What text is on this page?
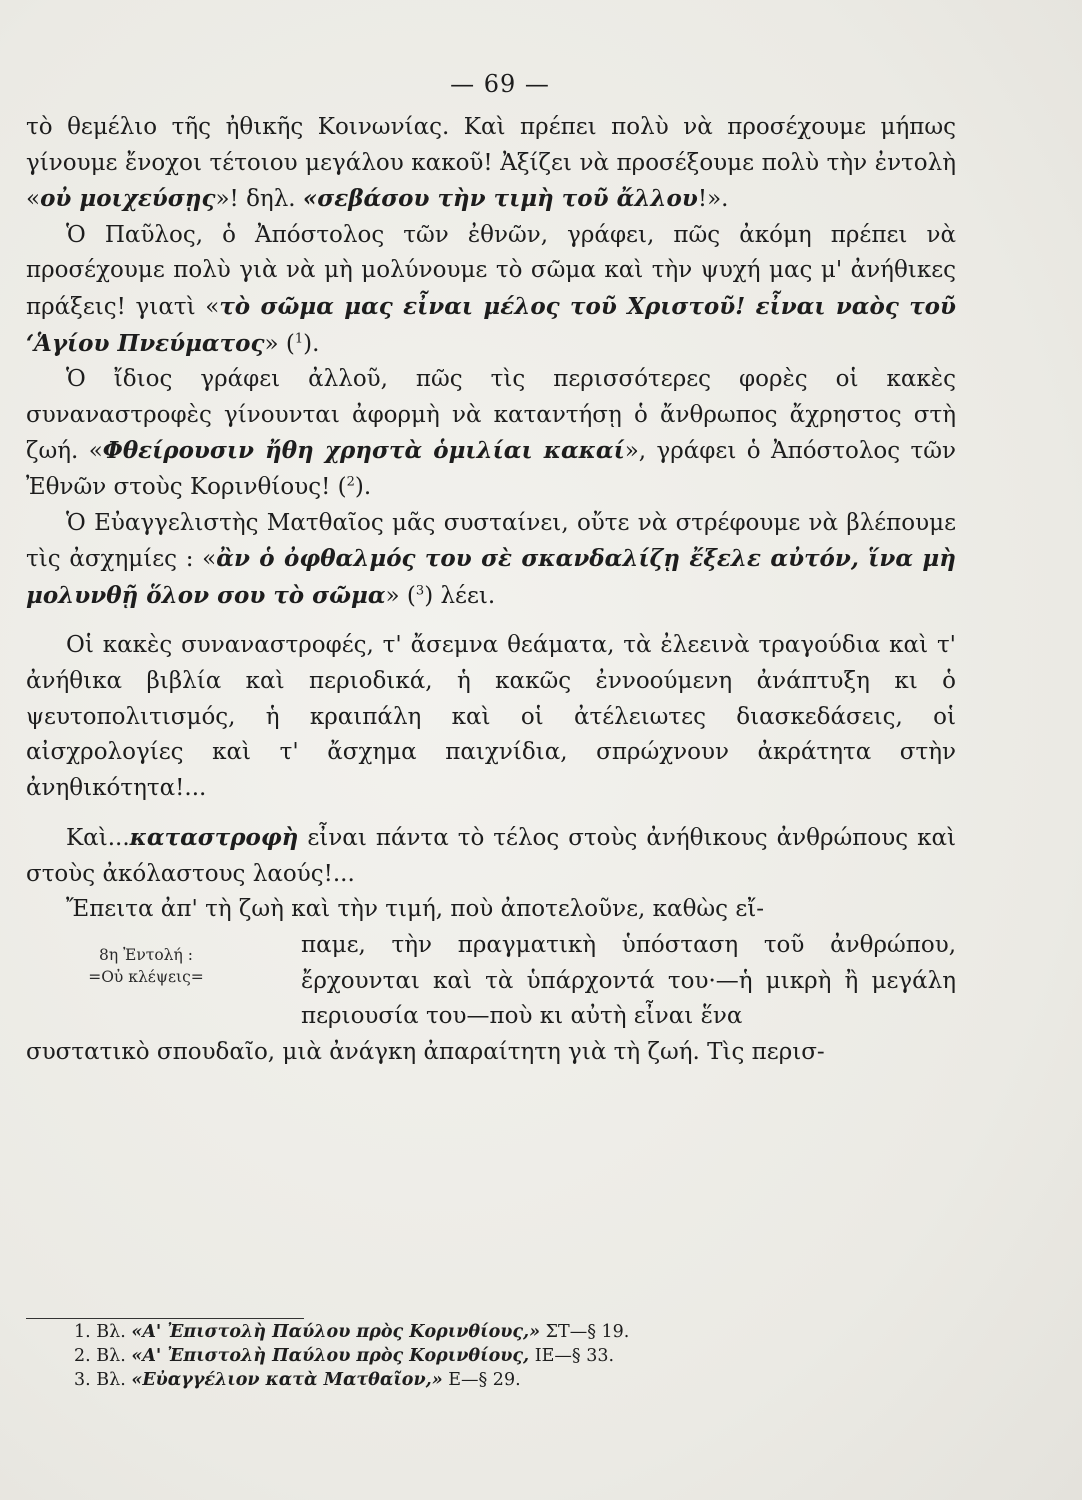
— 69 —

τὸ θεμέλιο τῆς ἠθικῆς Κοινωνίας. Καὶ πρέπει πολὺ νὰ προσέχουμε μήπως γίνουμε ἔνοχοι τέτοιου μεγάλου κακοῦ! Ἀξίζει νὰ προσέξουμε πολὺ τὴν ἐντολὴ «οὐ μοιχεύσῃς»! δηλ. «σεβάσου τὴν τιμὴ τοῦ ἄλλου!».

Ὁ Παῦλος, ὁ Ἀπόστολος τῶν ἐθνῶν, γράφει, πῶς ἀκόμη πρέπει νὰ προσέχουμε πολὺ γιὰ νὰ μὴ μολύνουμε τὸ σῶμα καὶ τὴν ψυχή μας μ' ἀνήθικες πράξεις! γιατὶ «τὸ σῶμα μας εἶναι μέλος τοῦ Χριστοῦ! εἶναι ναὸς τοῦ ‘Ἁγίου Πνεύματος» ($^1$).

Ὁ ἴδιος γράφει ἀλλοῦ, πῶς τὶς περισσότερες φορὲς οἱ κακὲς συναναστροφὲς γίνουνται ἀφορμὴ νὰ καταντήσῃ ὁ ἄνθρωπος ἄχρηστος στὴ ζωή. «Φθείρουσιν ἤθη χρηστὰ ὁμιλίαι κακαί», γράφει ὁ Ἀπόστολος τῶν Ἐθνῶν στοὺς Κορινθίους! ($^2$).

Ὁ Εὐαγγελιστὴς Ματθαῖος μᾶς συσταίνει, οὔτε νὰ στρέφουμε νὰ βλέπουμε τὶς ἀσχημίες : «ἂν ὁ ὀφθαλμός του σὲ σκανδαλίζῃ ἔξελε αὐτόν, ἵνα μὴ μολυνθῇ ὅλον σου τὸ σῶμα» ($^3$) λέει.

Οἱ κακὲς συναναστροφές, τ' ἄσεμνα θεάματα, τὰ ἐλεεινὰ τραγούδια καὶ τ' ἀνήθικα βιβλία καὶ περιοδικά, ἡ κακῶς ἐννοούμενη ἀνάπτυξη κι ὁ ψευτοπολιτισμός, ἡ κραιπάλη καὶ οἱ ἀτέλειωτες διασκεδάσεις, οἱ αἰσχρολογίες καὶ τ' ἄσχημα παιχνίδια, σπρώχνουν ἀκράτητα στὴν ἀνηθικότητα!...

Καὶ...καταστροφὴ εἶναι πάντα τὸ τέλος στοὺς ἀνήθικους ἀνθρώπους καὶ στοὺς ἀκόλαστους λαούς!...

Ἔπειτα ἀπ' τὴ ζωὴ καὶ τὴν τιμή, ποὺ ἀποτελοῦνε, καθὼς εἴ-

8η Ἐντολή :
=Οὐ κλέψεις=

παμε, τὴν πραγματικὴ ὑπόσταση τοῦ ἀνθρώπου, ἔρχουνται καὶ τὰ ὑπάρχοντά του·—ἡ μικρὴ ἢ μεγάλη περιουσία του—ποὺ κι αὐτὴ εἶναι ἕνα

συστατικὸ σπουδαῖο, μιὰ ἀνάγκη ἀπαραίτητη γιὰ τὴ ζωή. Τὶς περισ-

1. Βλ. «Α' Ἐπιστολὴ Παύλου πρὸς Κορινθίους,» ΣΤ—§ 19.

2. Βλ. «Α' Ἐπιστολὴ Παύλου πρὸς Κορινθίους, ΙΕ—§ 33.

3. Βλ. «Εὐαγγέλιον κατὰ Ματθαῖον,» Ε—§ 29.
